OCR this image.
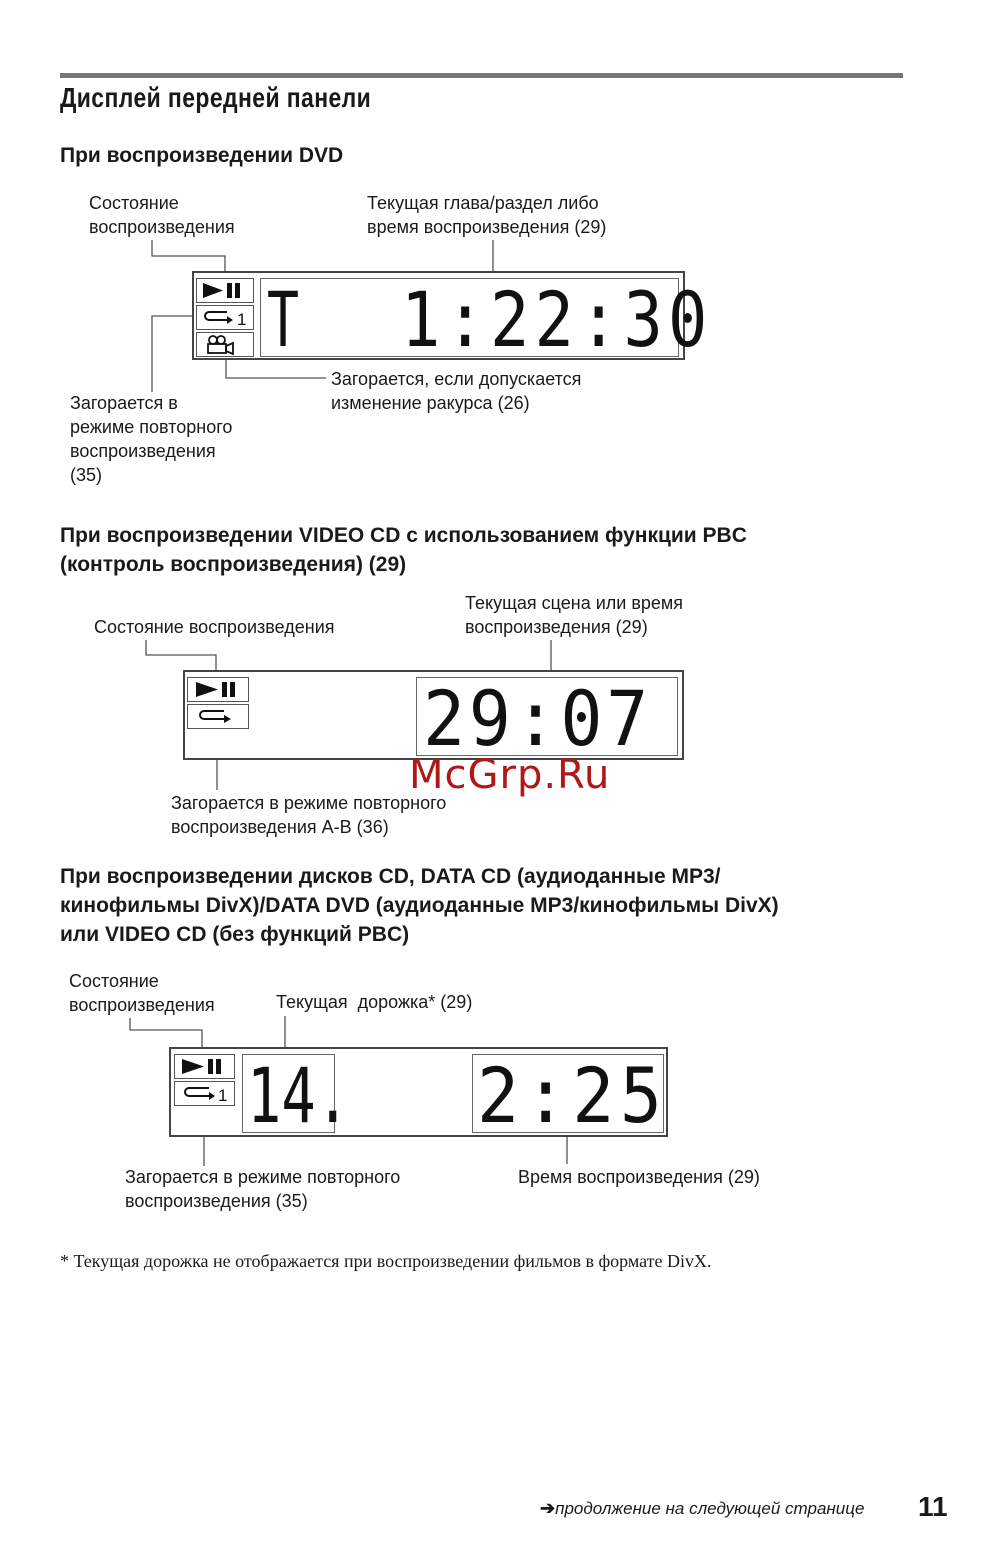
Дисплей передней панели
При воспроизведении DVD
Состояние
воспроизведения
Текущая глава/раздел либо
время воспроизведения (29)
1 T 1:22:30
Загорается, если допускается
изменение ракурса (26)
Загорается в
режиме повторного
воспроизведения
(35)
При воспроизведении VIDEO CD с использованием функции PBC
(контроль воспроизведения) (29)
Текущая сцена или время
воспроизведения (29)
Состояние воспроизведения
29:07
McGrp.Ru
Загорается в режиме повторного
воспроизведения A-B (36)
При воспроизведении дисков CD, DATA CD (аудиоданные MP3/
кинофильмы DivX)/DATA DVD (аудиоданные MP3/кинофильмы DivX)
или VIDEO CD (без функций PBC)
Состояние
воспроизведения	Текущая  дорожка* (29)
1 14. 2:25
Загорается в режиме повторного
воспроизведения (35)
Время воспроизведения (29)
* Текущая дорожка не отображается при воспроизведении фильмов в формате DivX.
➔продолжение на следующей странице 11
